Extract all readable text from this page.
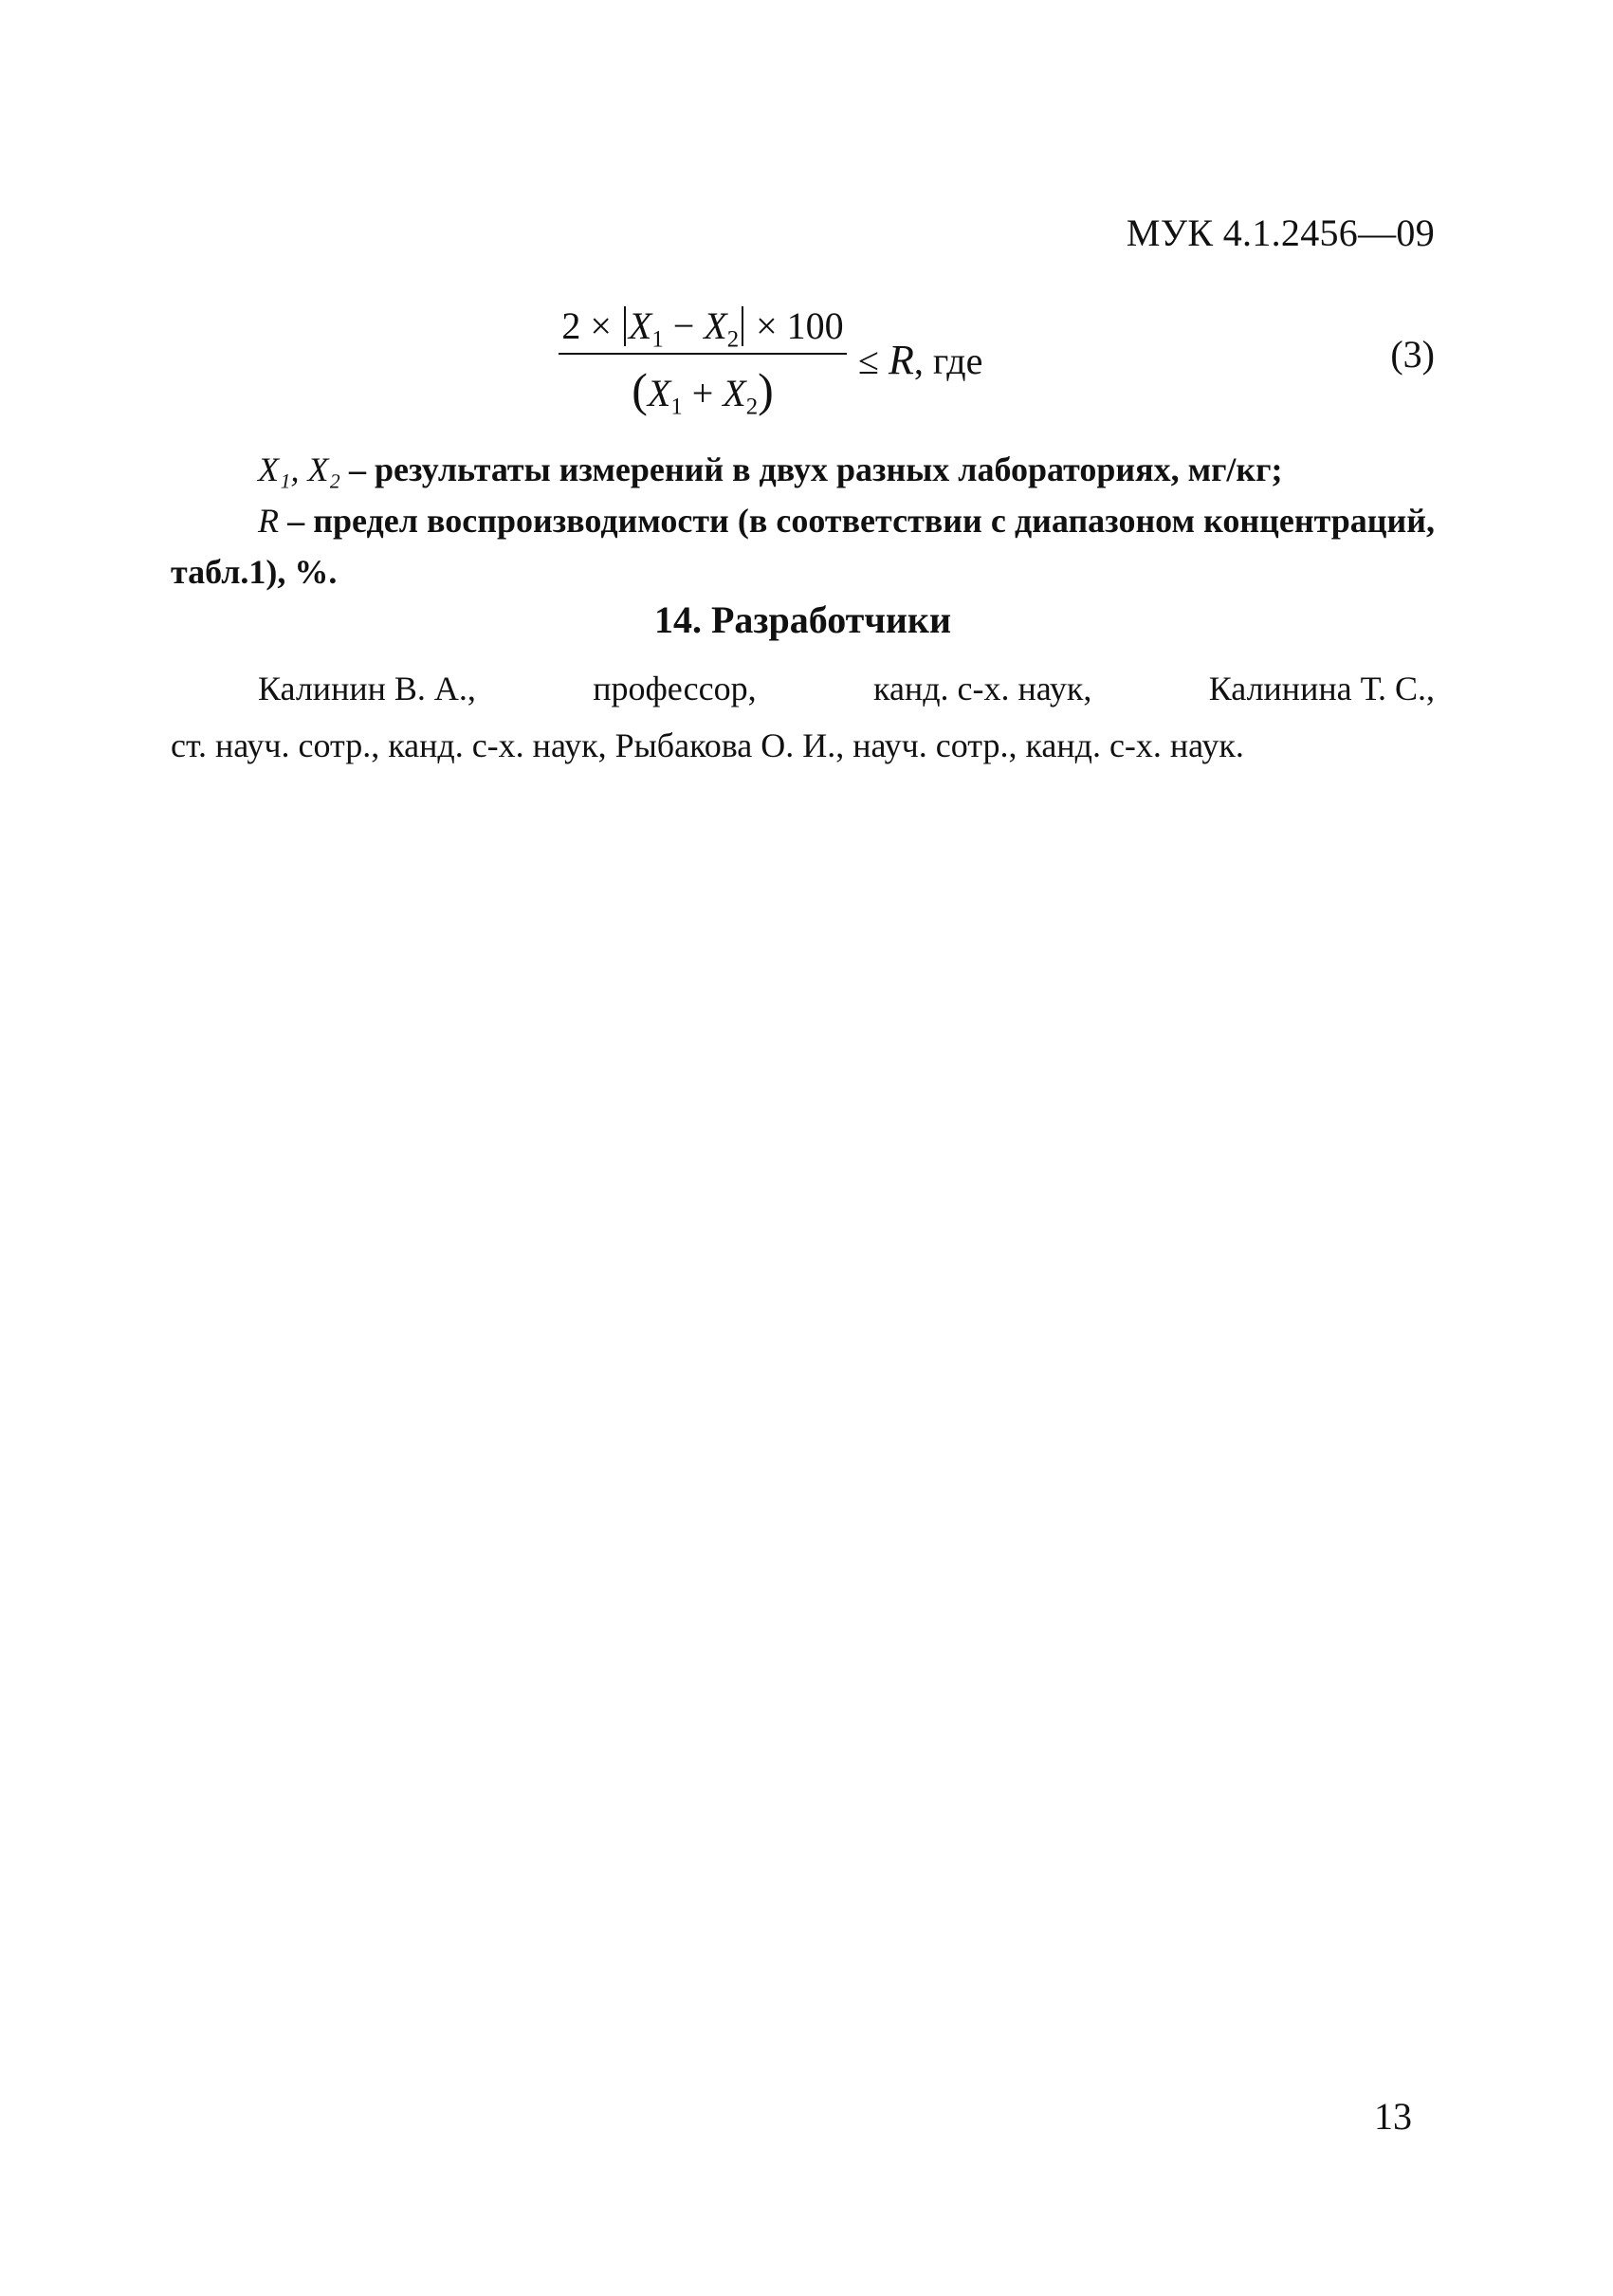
МУК 4.1.2456—09
$2 \times X_1 - X_2 \times 100$
$(X_1 + X_2)$
≤ R, где	(3)
X₁, X₂ – результаты измерений в двух разных лабораториях, мг/кг;
R – предел воспроизводимости (в соответствии с диапазоном концентраций, табл.1), %.
14. Разработчики
Калинин В. А.,	профессор,	канд. с-х. наук,	Калинина Т. С.,
ст. науч. сотр., канд. с-х. наук, Рыбакова О. И., науч. сотр., канд. с-х. наук.
13
